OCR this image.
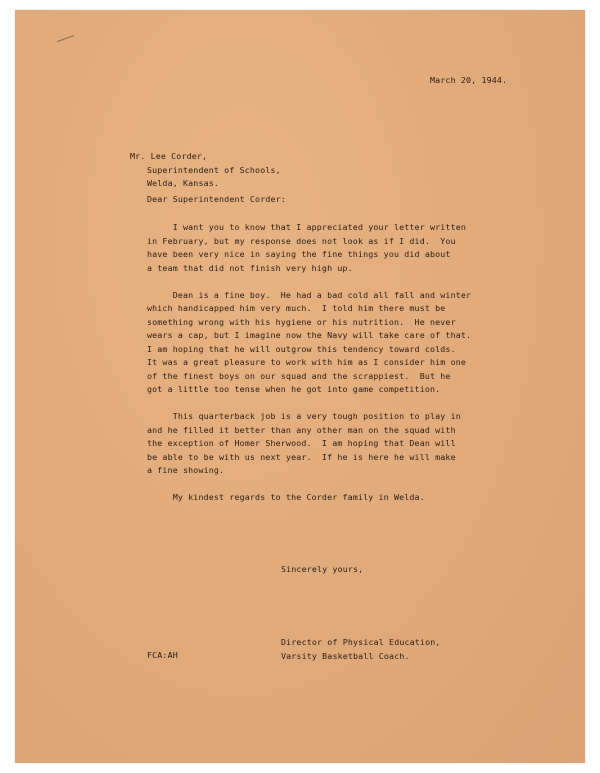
March 20, 1944.
Mr. Lee Corder,
Superintendent of Schools,
Welda, Kansas.
Dear Superintendent Corder:
I want you to know that I appreciated your letter written
in February, but my response does not look as if I did.  You
have been very nice in saying the fine things you did about
a team that did not finish very high up.
Dean is a fine boy.  He had a bad cold all fall and winter
which handicapped him very much.  I told him there must be
something wrong with his hygiene or his nutrition.  He never
wears a cap, but I imagine now the Navy will take care of that.
I am hoping that he will outgrow this tendency toward colds.
It was a great pleasure to work with him as I consider him one
of the finest boys on our squad and the scrappiest.  But he
got a little too tense when he got into game competition.
This quarterback job is a very tough position to play in
and he filled it better than any other man on the squad with
the exception of Homer Sherwood.  I am hoping that Dean will
be able to be with us next year.  If he is here he will make
a fine showing.
My kindest regards to the Corder family in Welda.
Sincerely yours,
Director of Physical Education,
Varsity Basketball Coach.
FCA:AH
